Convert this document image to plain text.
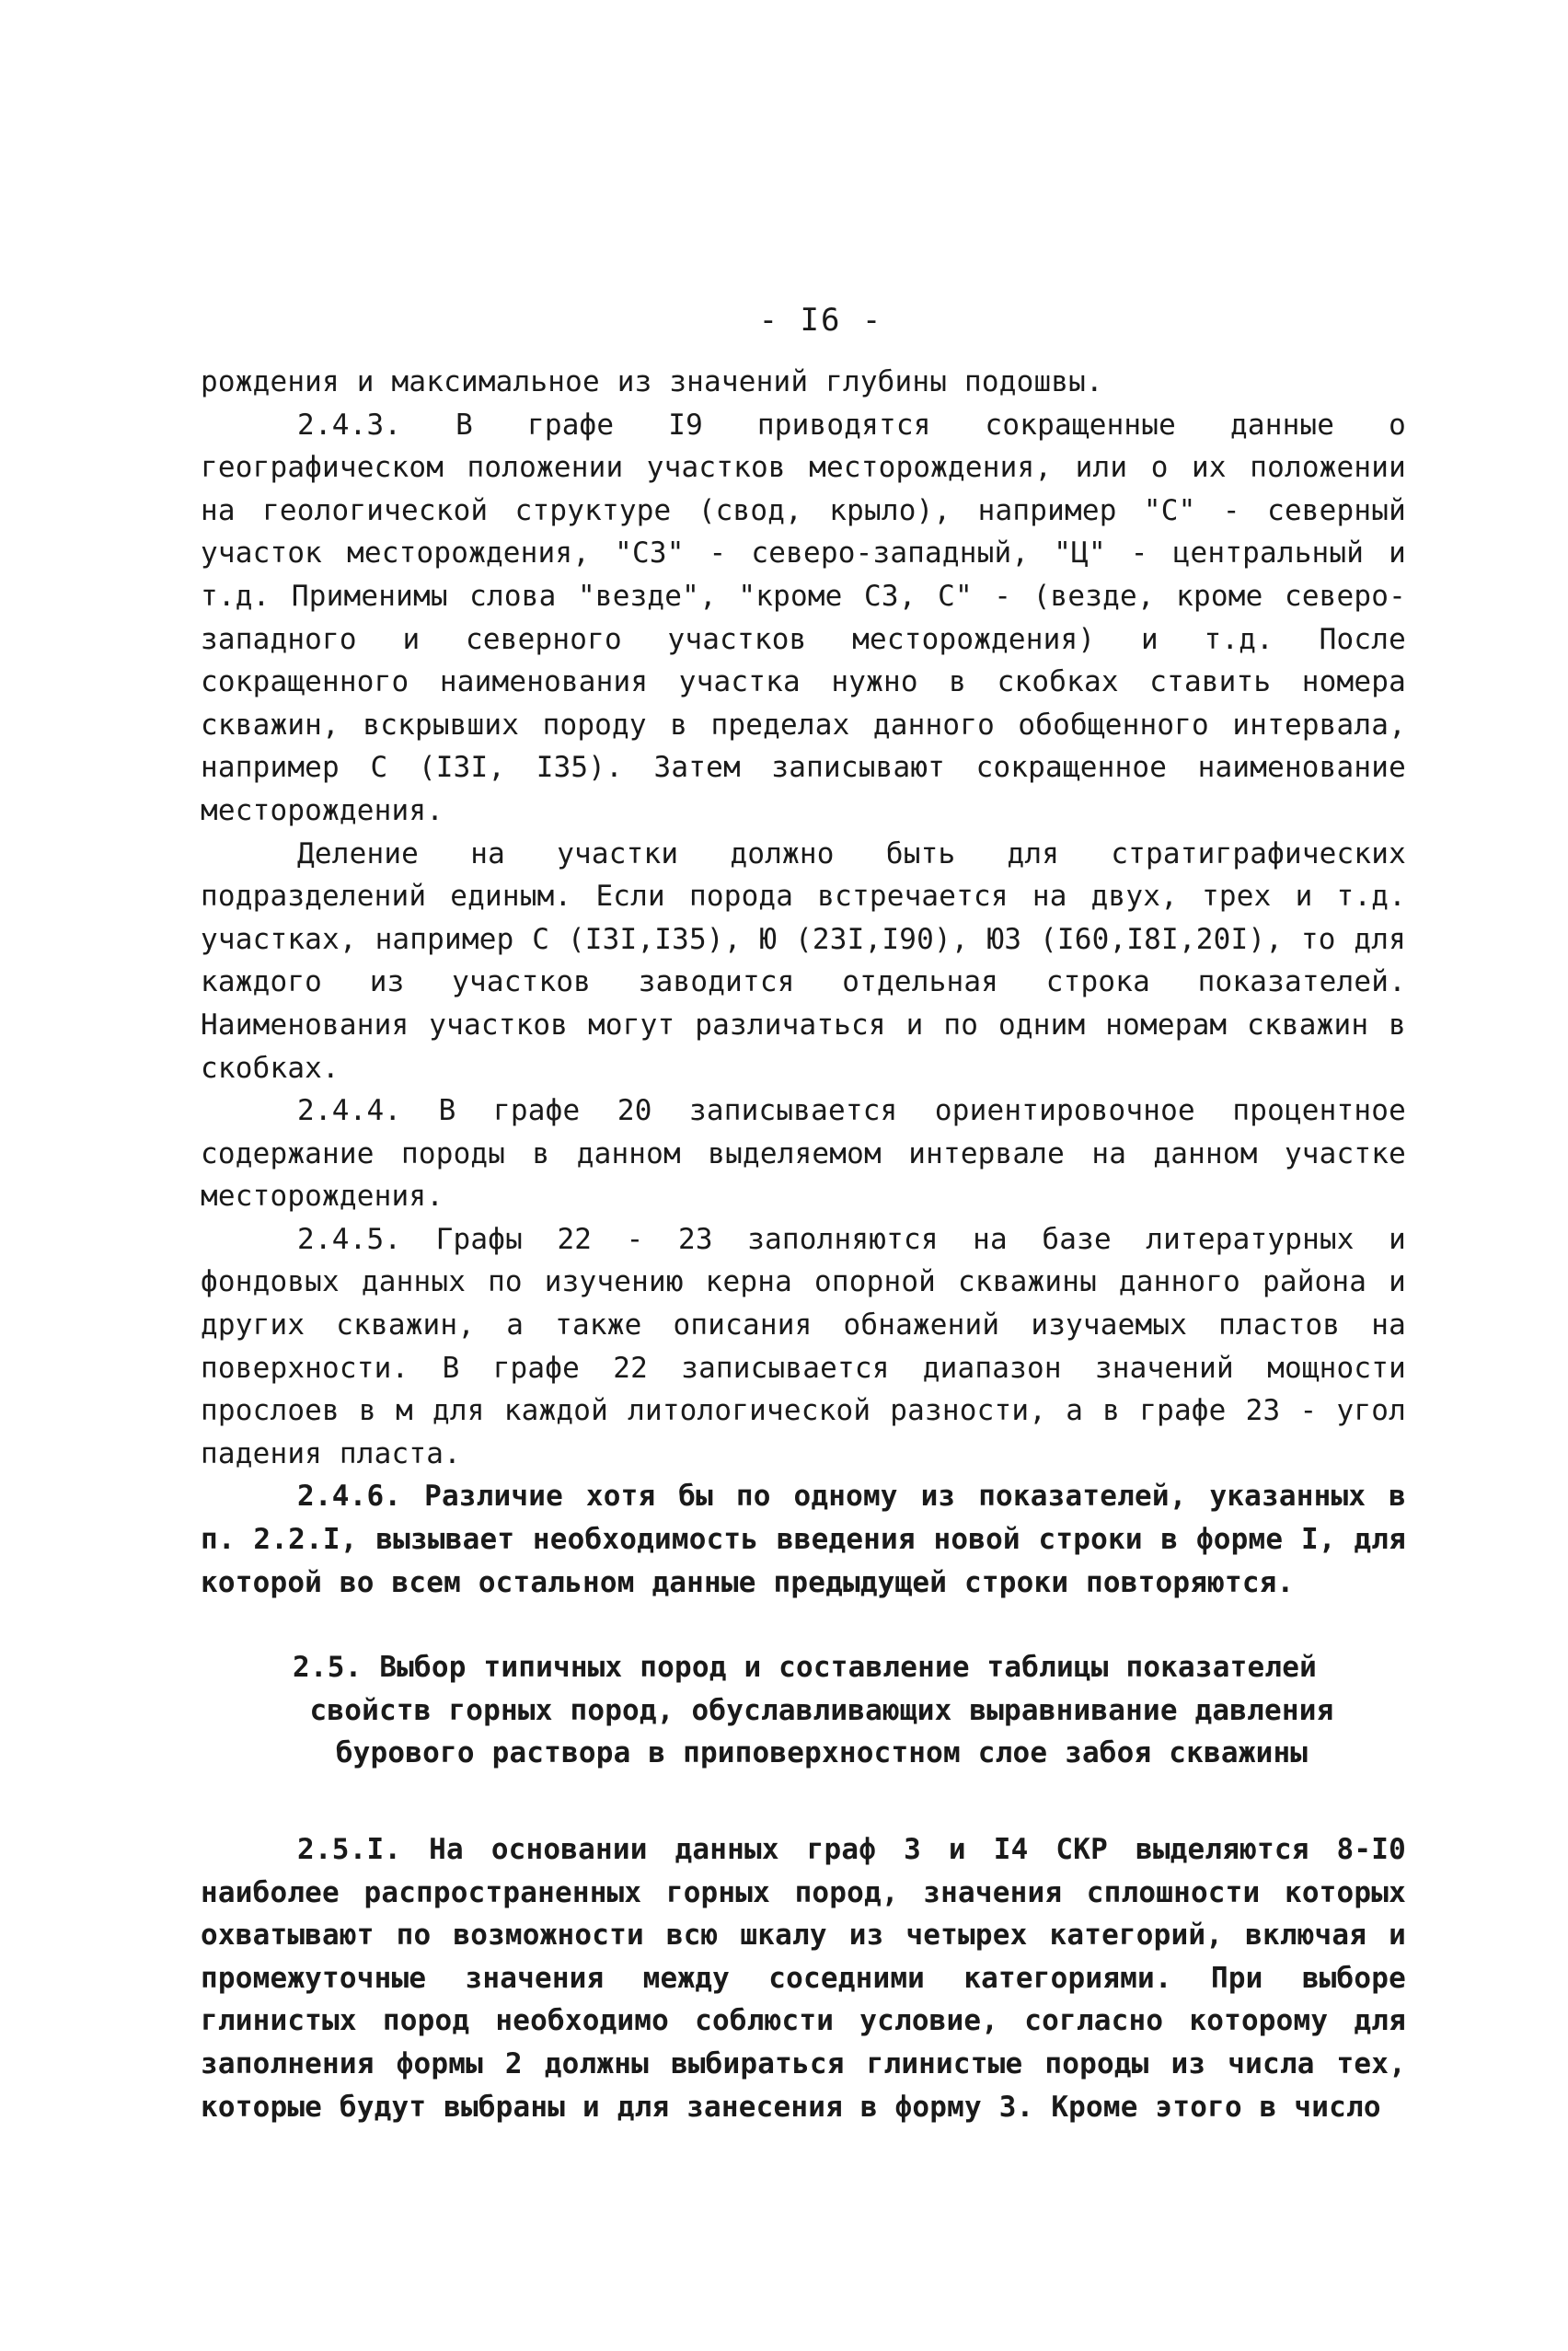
- I6 -

рождения и максимальное из значений глубины подошвы.

2.4.3. В графе I9 приводятся сокращенные данные о географическом положении участков месторождения, или о их положении на геологической структуре (свод, крыло), например "С" - северный участок месторождения, "СЗ" - северо-западный, "Ц" - центральный и т.д. Применимы слова "везде", "кроме СЗ, С" - (везде, кроме северо-западного и северного участков месторождения) и т.д. После сокращенного наименования участка нужно в скобках ставить номера скважин, вскрывших породу в пределах данного обобщенного интервала, например С (I3I, I35). Затем записывают сокращенное наименование месторождения.

Деление на участки должно быть для стратиграфических подразделений единым. Если порода встречается на двух, трех и т.д. участках, например С (I3I,I35), Ю (23I,I90), ЮЗ (I60,I8I,20I), то для каждого из участков заводится отдельная строка показателей. Наименования участков могут различаться и по одним номерам скважин в скобках.

2.4.4. В графе 20 записывается ориентировочное процентное содержание породы в данном выделяемом интервале на данном участке месторождения.

2.4.5. Графы 22 - 23 заполняются на базе литературных и фондовых данных по изучению керна опорной скважины данного района и других скважин, а также описания обнажений изучаемых пластов на поверхности. В графе 22 записывается диапазон значений мощности прослоев в м для каждой литологической разности, а в графе 23 - угол падения пласта.

2.4.6. Различие хотя бы по одному из показателей, указанных в п. 2.2.I, вызывает необходимость введения новой строки в форме I, для которой во всем остальном данные предыдущей строки повторяются.

2.5. Выбор типичных пород и составление таблицы показателей
свойств горных пород, обуславливающих выравнивание давления бурового раствора в приповерхностном слое забоя скважины

2.5.I. На основании данных граф 3 и I4 СКР выделяются 8-I0 наиболее распространенных горных пород, значения сплошности которых охватывают по возможности всю шкалу из четырех категорий, включая и промежуточные значения между соседними категориями. При выборе глинистых пород необходимо соблюсти условие, согласно которому для заполнения формы 2 должны выбираться глинистые породы из числа тех, которые будут выбраны и для занесения в форму 3. Кроме этого в число
